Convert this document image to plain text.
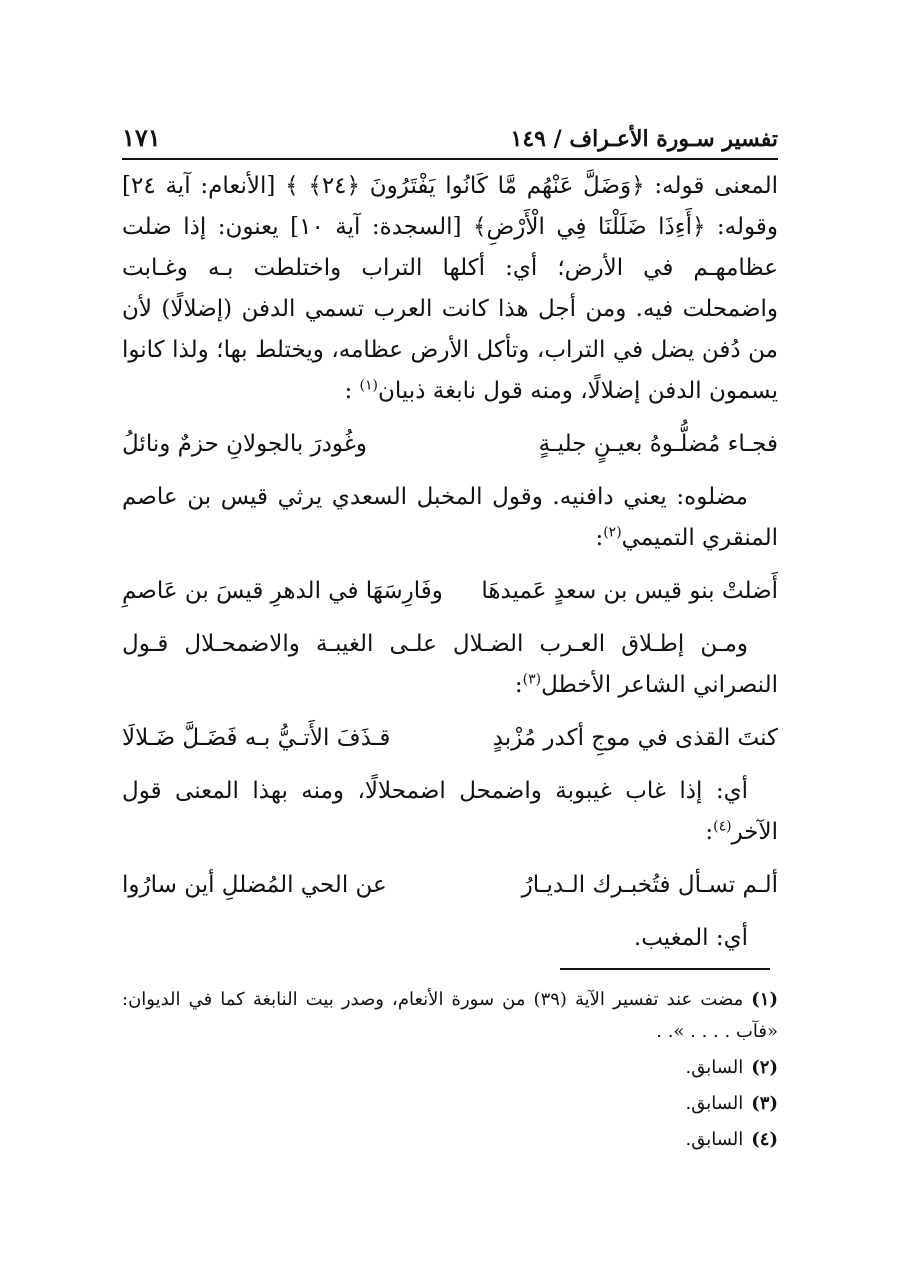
تفسير سـورة الأعـراف / ١٤٩
١٧١

المعنى قوله: ﴿وَضَلَّ عَنْهُم مَّا كَانُوا يَفْتَرُونَ ﴿٢٤﴾ ﴾ [الأنعام: آية ٢٤] وقوله: ﴿أَءِذَا ضَلَلْنَا فِي الْأَرْضِ﴾ [السجدة: آية ١٠] يعنون: إذا ضلت عظامهـم في الأرض؛ أي: أكلها التراب واختلطت بـه وغـابت واضمحلت فيه. ومن أجل هذا كانت العرب تسمي الدفن (إضلالًا) لأن من دُفن يضل في التراب، وتأكل الأرض عظامه، ويختلط بها؛ ولذا كانوا يسمون الدفن إضلالًا، ومنه قول نابغة ذبيان$^{(١)}$ :

فجـاء مُضلُّـوهُ بعيـنٍ جليـةٍ
وغُودرَ بالجولانِ حزمٌ ونائلُ

مضلوه: يعني دافنيه. وقول المخبل السعدي يرثي قيس بن عاصم المنقري التميمي$^{(٢)}$:

أَضلتْ بنو قيس بن سعدٍ عَميدهَا
وفَارِسَهَا في الدهرِ قيسَ بن عَاصمِ

ومـن إطـلاق العـرب الضـلال علـى الغيبـة والاضمحـلال قـول النصراني الشاعر الأخطل$^{(٣)}$:

كنتَ القذى في موجِ أكدر مُزْبدٍ
قـذَفَ الأَتـيُّ بـه فَضَـلَّ ضَـلالَا

أي: إذا غاب غيبوبة واضمحل اضمحلالًا، ومنه بهذا المعنى قول الآخر$^{(٤)}$:

ألـم تسـأل فتُخبـرك الـديـارُ
عن الحي المُضللِ أين سارُوا

أي: المغيب.

(١)مضت عند تفسير الآية (٣٩) من سورة الأنعام، وصدر بيت النابغة كما في الديوان: «فآب . . . . ». .

(٢)السابق.

(٣)السابق.

(٤)السابق.
